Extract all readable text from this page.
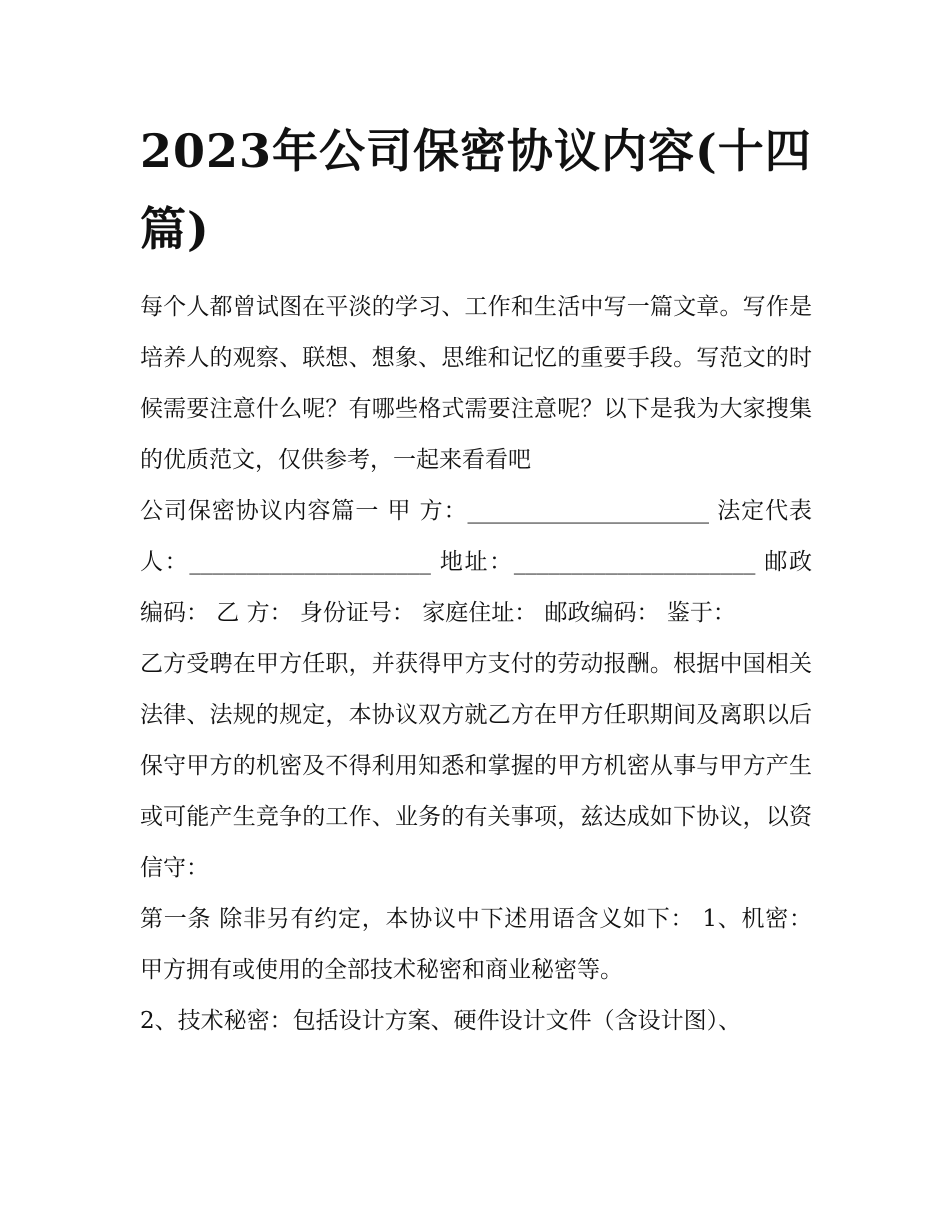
2023年公司保密协议内容(十四篇)

每个人都曾试图在平淡的学习、工作和生活中写一篇文章。写作是培养人的观察、联想、想象、思维和记忆的重要手段。写范文的时候需要注意什么呢？有哪些格式需要注意呢？以下是我为大家搜集的优质范文，仅供参考，一起来看看吧

公司保密协议内容篇一 甲 方：_____________________ 法定代表人：_____________________ 地址：_____________________ 邮政编码： 乙 方： 身份证号： 家庭住址： 邮政编码： 鉴于：

乙方受聘在甲方任职，并获得甲方支付的劳动报酬。根据中国相关法律、法规的规定，本协议双方就乙方在甲方任职期间及离职以后保守甲方的机密及不得利用知悉和掌握的甲方机密从事与甲方产生或可能产生竞争的工作、业务的有关事项，兹达成如下协议，以资信守：

第一条 除非另有约定，本协议中下述用语含义如下： 1、机密：甲方拥有或使用的全部技术秘密和商业秘密等。

2、技术秘密：包括设计方案、硬件设计文件（含设计图）、
